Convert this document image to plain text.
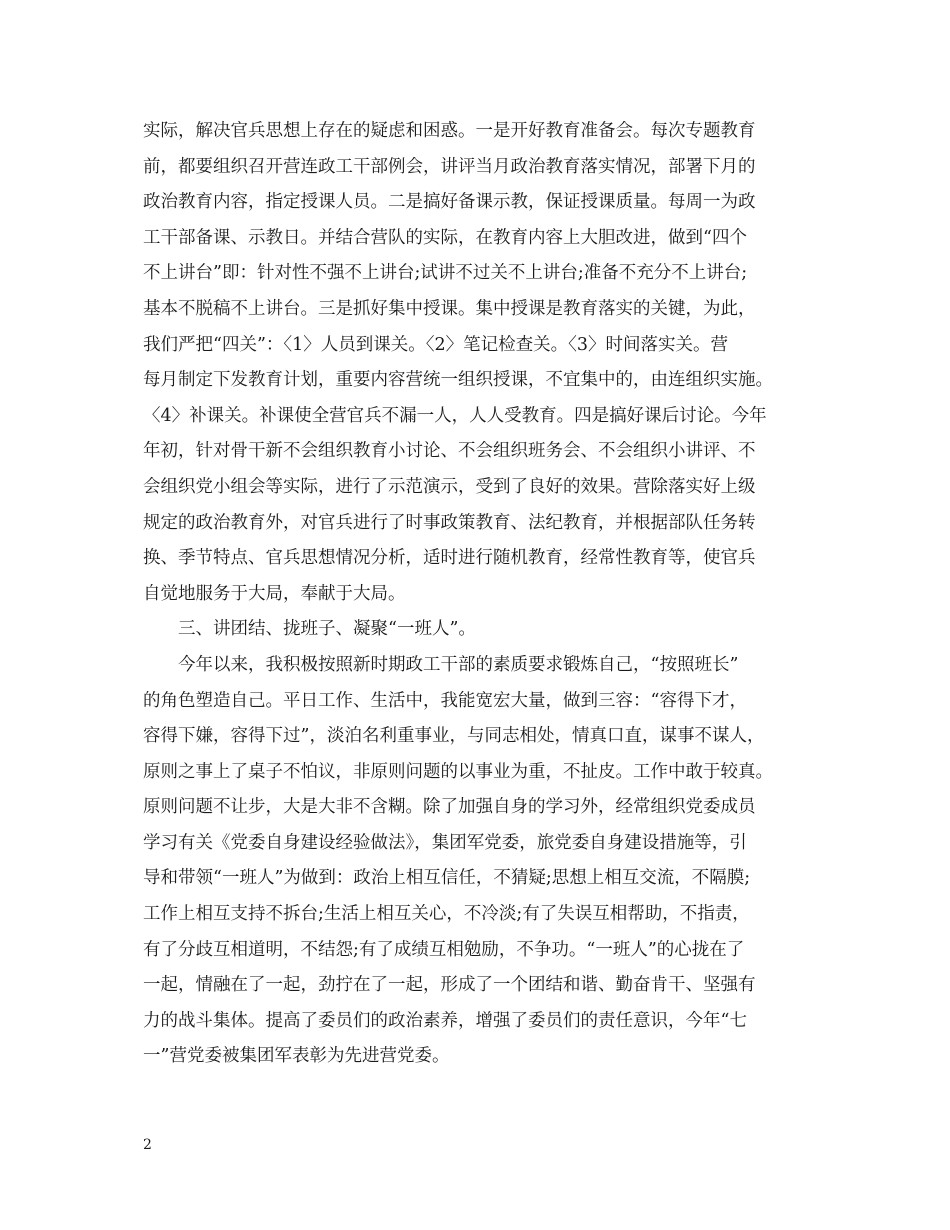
实际，解决官兵思想上存在的疑虑和困惑。一是开好教育准备会。每次专题教育
前，都要组织召开营连政工干部例会，讲评当月政治教育落实情况，部署下月的
政治教育内容，指定授课人员。二是搞好备课示教，保证授课质量。每周一为政
工干部备课、示教日。并结合营队的实际，在教育内容上大胆改进，做到“四个
不上讲台”即：针对性不强不上讲台;试讲不过关不上讲台;准备不充分不上讲台;
基本不脱稿不上讲台。三是抓好集中授课。集中授课是教育落实的关键，为此，
我们严把“四关”：〈1〉人员到课关。〈2〉笔记检查关。〈3〉时间落实关。营
每月制定下发教育计划，重要内容营统一组织授课，不宜集中的，由连组织实施。
〈4〉补课关。补课使全营官兵不漏一人，人人受教育。四是搞好课后讨论。今年
年初，针对骨干新不会组织教育小讨论、不会组织班务会、不会组织小讲评、不
会组织党小组会等实际，进行了示范演示，受到了良好的效果。营除落实好上级
规定的政治教育外，对官兵进行了时事政策教育、法纪教育，并根据部队任务转
换、季节特点、官兵思想情况分析，适时进行随机教育，经常性教育等，使官兵
自觉地服务于大局，奉献于大局。
　　三、讲团结、拢班子、凝聚“一班人”。
　　今年以来，我积极按照新时期政工干部的素质要求锻炼自己，“按照班长”
的角色塑造自己。平日工作、生活中，我能宽宏大量，做到三容：“容得下才，
容得下嫌，容得下过”，淡泊名利重事业，与同志相处，情真口直，谋事不谋人，
原则之事上了桌子不怕议，非原则问题的以事业为重，不扯皮。工作中敢于较真。
原则问题不让步，大是大非不含糊。除了加强自身的学习外，经常组织党委成员
学习有关《党委自身建设经验做法》，集团军党委，旅党委自身建设措施等，引
导和带领“一班人”为做到：政治上相互信任，不猜疑;思想上相互交流，不隔膜;
工作上相互支持不拆台;生活上相互关心，不冷淡;有了失误互相帮助，不指责，
有了分歧互相道明，不结怨;有了成绩互相勉励，不争功。“一班人”的心拢在了
一起，情融在了一起，劲拧在了一起，形成了一个团结和谐、勤奋肯干、坚强有
力的战斗集体。提高了委员们的政治素养，增强了委员们的责任意识，今年“七
一”营党委被集团军表彰为先进营党委。
2
